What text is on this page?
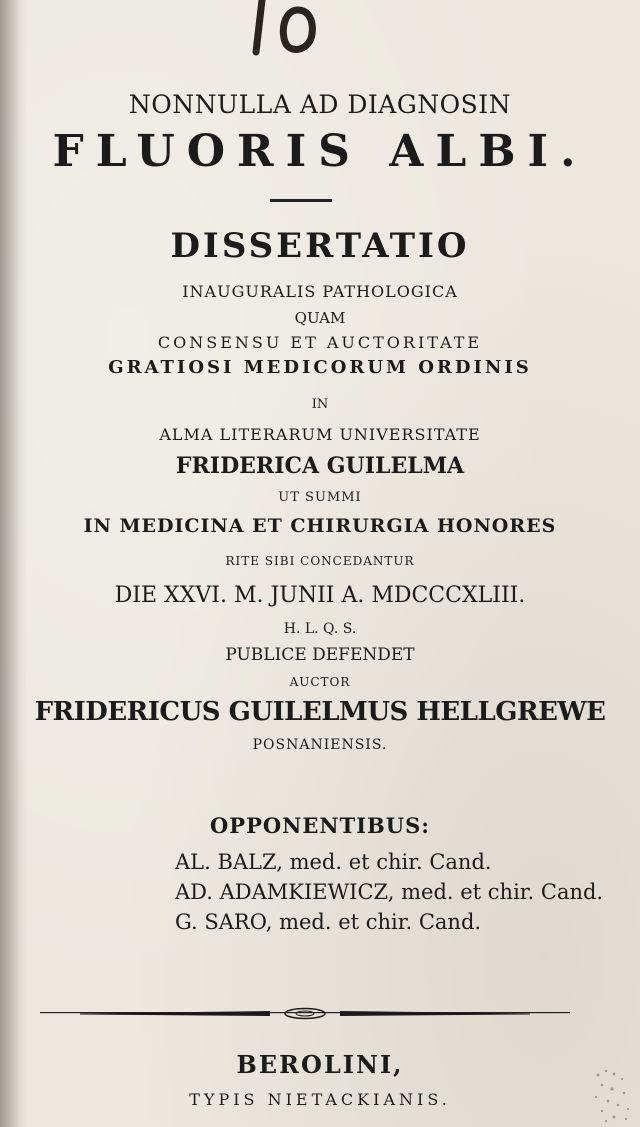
NONNULLA AD DIAGNOSIN
FLUORIS ALBI.
DISSERTATIO
INAUGURALIS PATHOLOGICA
QUAM
CONSENSU ET AUCTORITATE
GRATIOSI MEDICORUM ORDINIS
IN
ALMA LITERARUM UNIVERSITATE
FRIDERICA GUILELMA
UT SUMMI
IN MEDICINA ET CHIRURGIA HONORES
RITE SIBI CONCEDANTUR
DIE XXVI. M. JUNII A. MDCCCXLIII.
H. L. Q. S.
PUBLICE DEFENDET
AUCTOR
FRIDERICUS GUILELMUS HELLGREWE
POSNANIENSIS.
OPPONENTIBUS:
AL. BALZ, med. et chir. Cand.
AD. ADAMKIEWICZ, med. et chir. Cand.
G. SARO, med. et chir. Cand.
BEROLINI,
TYPIS NIETACKIANIS.
